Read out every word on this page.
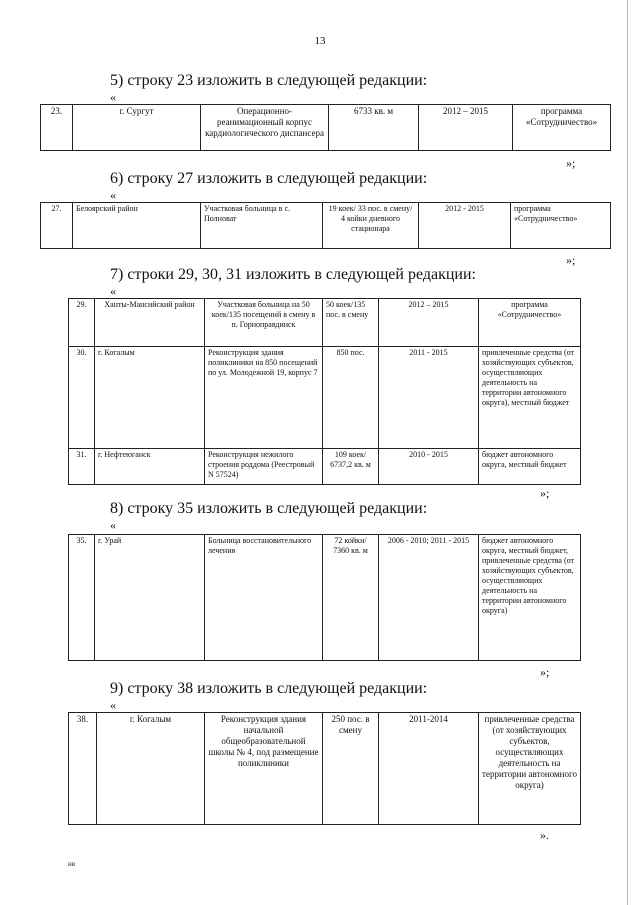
13
5) строку 23 изложить в следующей редакции:
«
23.	г. Сургут	Операционно-реанимационный корпус кардиологического диспансера	6733 кв. м	2012 – 2015	программа «Сотрудничество»
»;
6) строку 27 изложить в следующей редакции:
«
27.	Белоярский район	Участковая больница в с. Полноват	19 коек/ 33 пос. в смену/ 4 койки дневного стационара	2012 - 2015	программа «Сотрудничество»
»;
7) строки 29, 30, 31 изложить в следующей редакции:
«
29.	Ханты-Мансийский район	Участковая больница на 50 коек/135 посещений в смену в п. Горноправдинск	50 коек/135 пос. в смену	2012 – 2015	программа «Сотрудничество»
30.	г. Когалым	Реконструкция здания поликлиники на 850 посещений по ул. Молодежной 19, корпус 7	850 пос.	2011 - 2015	привлеченные средства (от хозяйствующих субъектов, осуществляющих деятельность на территории автономного округа), местный бюджет
31.	г. Нефтеюганск	Реконструкция нежилого строения роддома (Реестровый N 57524)	109 коек/ 6737,2 кв. м	2010 - 2015	бюджет автономного округа, местный бюджет
»;
8) строку 35 изложить в следующей редакции:
«
35.	г. Урай	Больница восстановительного лечения	72 койки/ 7360 кв. м	2006 - 2010; 2011 - 2015	бюджет автономного округа, местный бюджет, привлеченные средства (от хозяйствующих субъектов, осуществляющих деятельность на территории автономного округа)
»;
9) строку 38 изложить в следующей редакции:
«
38.	г. Когалым	Реконструкция здания начальной общеобразовательной школы № 4, под размещение поликлиники	250 пос. в смену	2011-2014	привлеченные средства (от хозяйствующих субъектов, осуществляющих деятельность на территории автономного округа)
».
нв
